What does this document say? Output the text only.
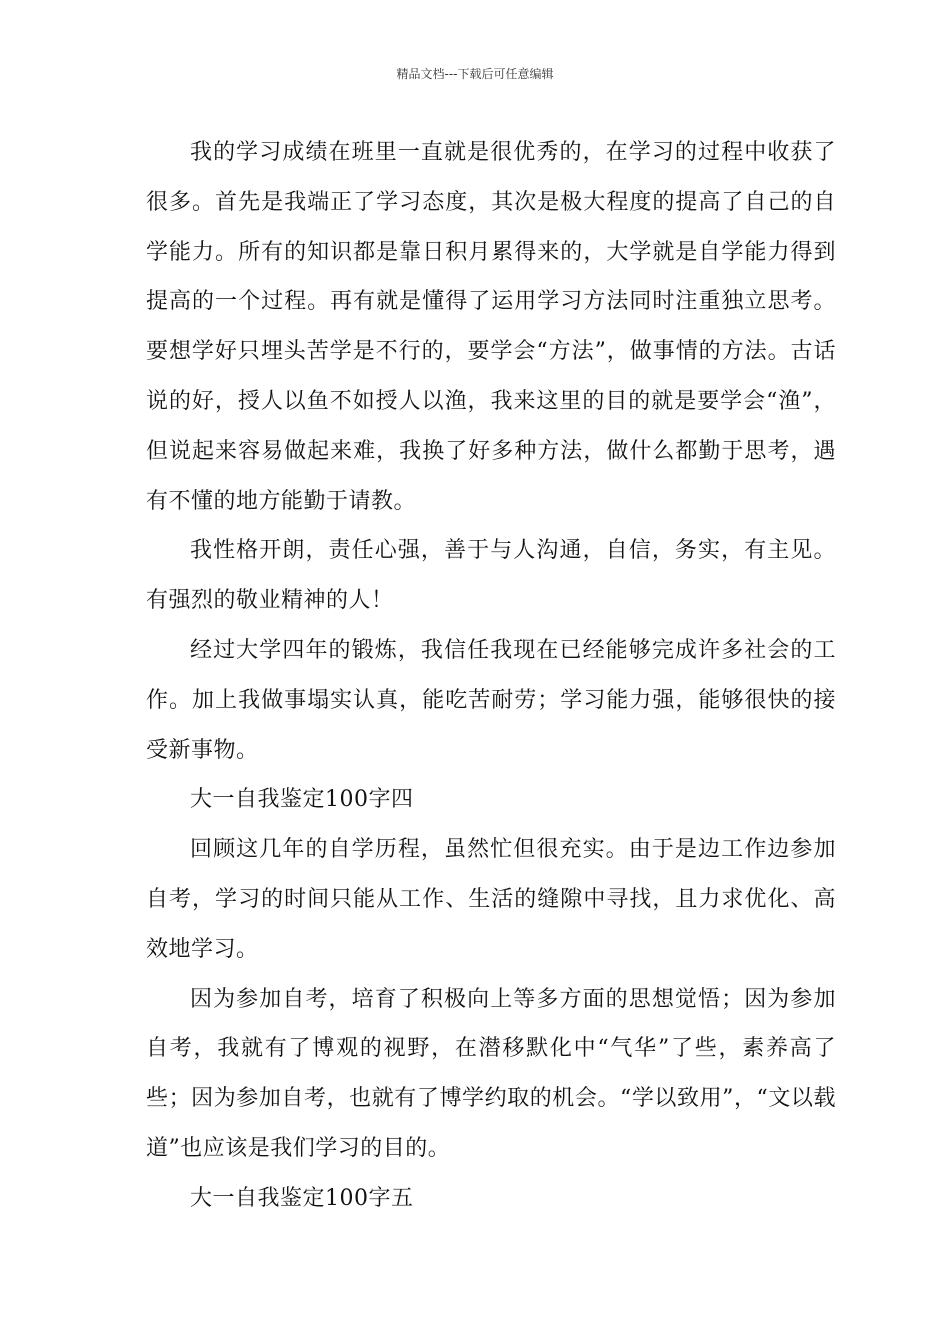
精品文档---下载后可任意编辑

我的学习成绩在班里一直就是很优秀的，在学习的过程中收获了很多。首先是我端正了学习态度，其次是极大程度的提高了自己的自学能力。所有的知识都是靠日积月累得来的，大学就是自学能力得到提高的一个过程。再有就是懂得了运用学习方法同时注重独立思考。要想学好只埋头苦学是不行的，要学会“方法”，做事情的方法。古话说的好，授人以鱼不如授人以渔，我来这里的目的就是要学会“渔”，但说起来容易做起来难，我换了好多种方法，做什么都勤于思考，遇有不懂的地方能勤于请教。

我性格开朗，责任心强，善于与人沟通，自信，务实，有主见。有强烈的敬业精神的人！

经过大学四年的锻炼，我信任我现在已经能够完成许多社会的工作。加上我做事塌实认真，能吃苦耐劳；学习能力强，能够很快的接受新事物。

大一自我鉴定100字四

回顾这几年的自学历程，虽然忙但很充实。由于是边工作边参加自考，学习的时间只能从工作、生活的缝隙中寻找，且力求优化、高效地学习。

因为参加自考，培育了积极向上等多方面的思想觉悟；因为参加自考，我就有了博观的视野，在潜移默化中“气华”了些，素养高了些；因为参加自考，也就有了博学约取的机会。“学以致用”，“文以载道”也应该是我们学习的目的。

大一自我鉴定100字五
